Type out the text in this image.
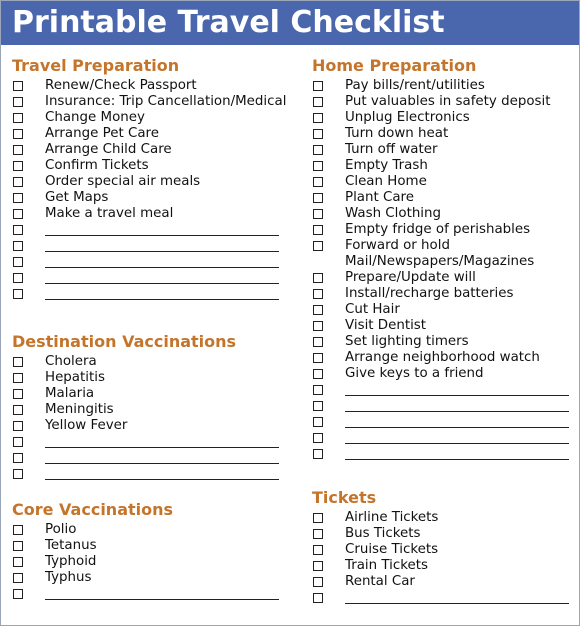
Printable Travel Checklist
Travel Preparation
Renew/Check Passport
Insurance: Trip Cancellation/Medical
Change Money
Arrange Pet Care
Arrange Child Care
Confirm Tickets
Order special air meals
Get Maps
Make a travel meal
Destination Vaccinations
Cholera
Hepatitis
Malaria
Meningitis
Yellow Fever
Core Vaccinations
Polio
Tetanus
Typhoid
Typhus
Home Preparation
Pay bills/rent/utilities
Put valuables in safety deposit
Unplug Electronics
Turn down heat
Turn off water
Empty Trash
Clean Home
Plant Care
Wash Clothing
Empty fridge of perishables
Forward or hold
Mail/Newspapers/Magazines
Prepare/Update will
Install/recharge batteries
Cut Hair
Visit Dentist
Set lighting timers
Arrange neighborhood watch
Give keys to a friend
Tickets
Airline Tickets
Bus Tickets
Cruise Tickets
Train Tickets
Rental Car
